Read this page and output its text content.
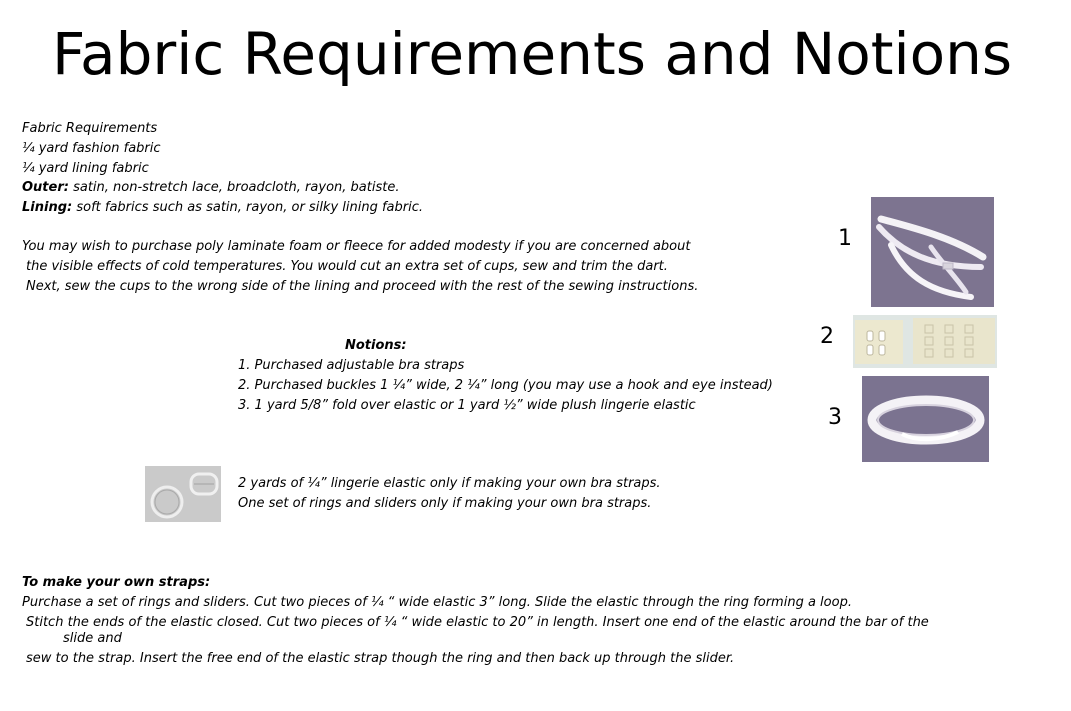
Fabric Requirements and Notions
Fabric Requirements
¼ yard fashion fabric
¼ yard lining fabric
Outer: satin, non-stretch lace, broadcloth, rayon, batiste.
Lining: soft fabrics such as satin, rayon, or silky lining fabric.
You may wish to purchase poly laminate foam or fleece for added modesty if you are concerned about
the visible effects of cold temperatures. You would cut an extra set of cups, sew and trim the dart.
Next, sew the cups to the wrong side of the lining and proceed with the rest of the sewing instructions.
Notions:
1. Purchased adjustable bra straps
2. Purchased buckles 1 ¼” wide, 2 ¼” long (you may use a hook and eye instead)
3. 1 yard 5/8” fold over elastic or 1 yard ½” wide plush lingerie elastic
2 yards of ¼” lingerie elastic only if making your own bra straps.
One set of rings and sliders only if making your own bra straps.
To make your own straps:
Purchase a set of rings and sliders. Cut two pieces of ¼ “ wide elastic 3” long. Slide the elastic through the ring forming a loop.
Stitch the ends of the elastic closed. Cut two pieces of ¼ “ wide elastic to 20” in length. Insert one end of the elastic around the bar of the
slide and
sew to the strap. Insert the free end of the elastic strap though the ring and then back up through the slider.
1
2
3
